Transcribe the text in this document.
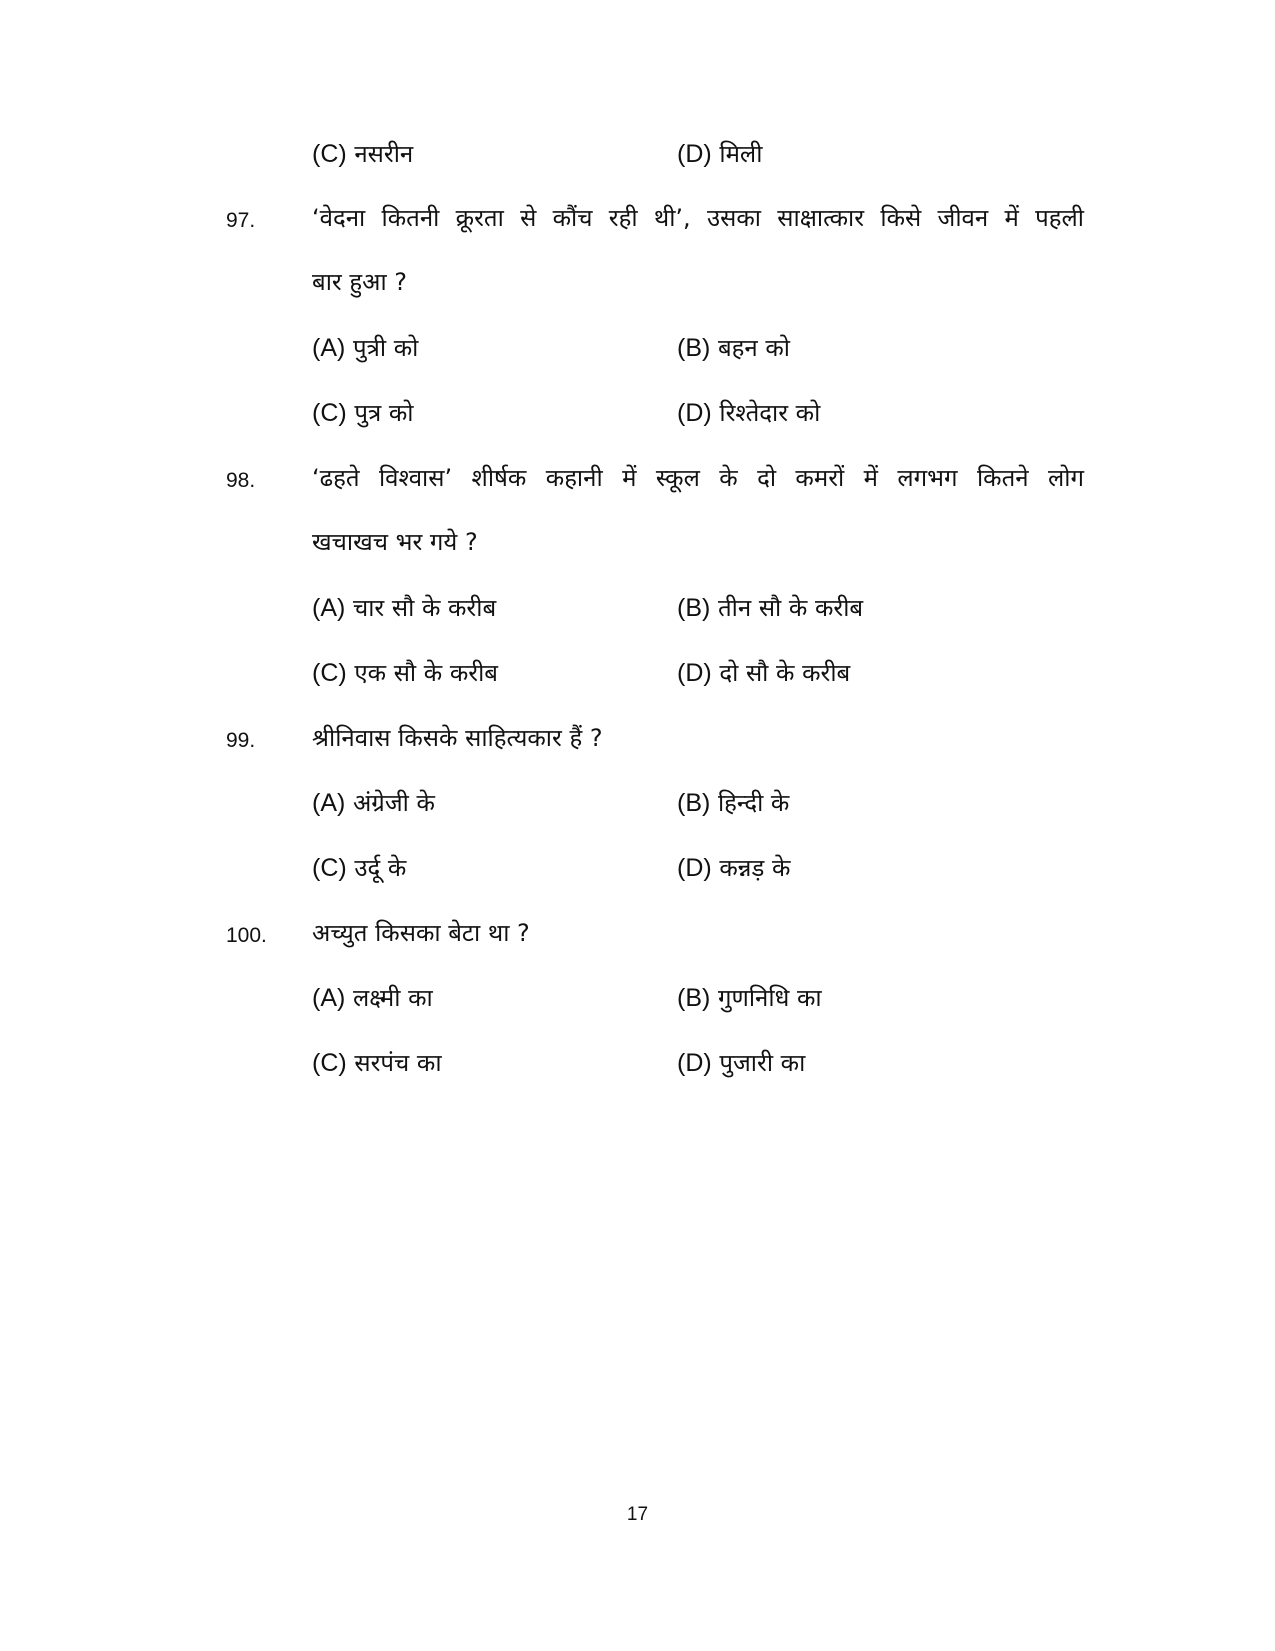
(C) नसरीन	(D) मिली
97. ‘वेदना कितनी क्रूरता से कौंच रही थी’, उसका साक्षात्कार किसे जीवन में पहली
बार हुआ ?
(A) पुत्री को	(B) बहन को
(C) पुत्र को	(D) रिश्तेदार को
98. ‘ढहते विश्वास’ शीर्षक कहानी में स्कूल के दो कमरों में लगभग कितने लोग
खचाखच भर गये ?
(A) चार सौ के करीब	(B) तीन सौ के करीब
(C) एक सौ के करीब	(D) दो सौ के करीब
99. श्रीनिवास किसके साहित्यकार हैं ?
(A) अंग्रेजी के	(B) हिन्दी के
(C) उर्दू के	(D) कन्नड़ के
100. अच्युत किसका बेटा था ?
(A) लक्ष्मी का	(B) गुणनिधि का
(C) सरपंच का	(D) पुजारी का
17
